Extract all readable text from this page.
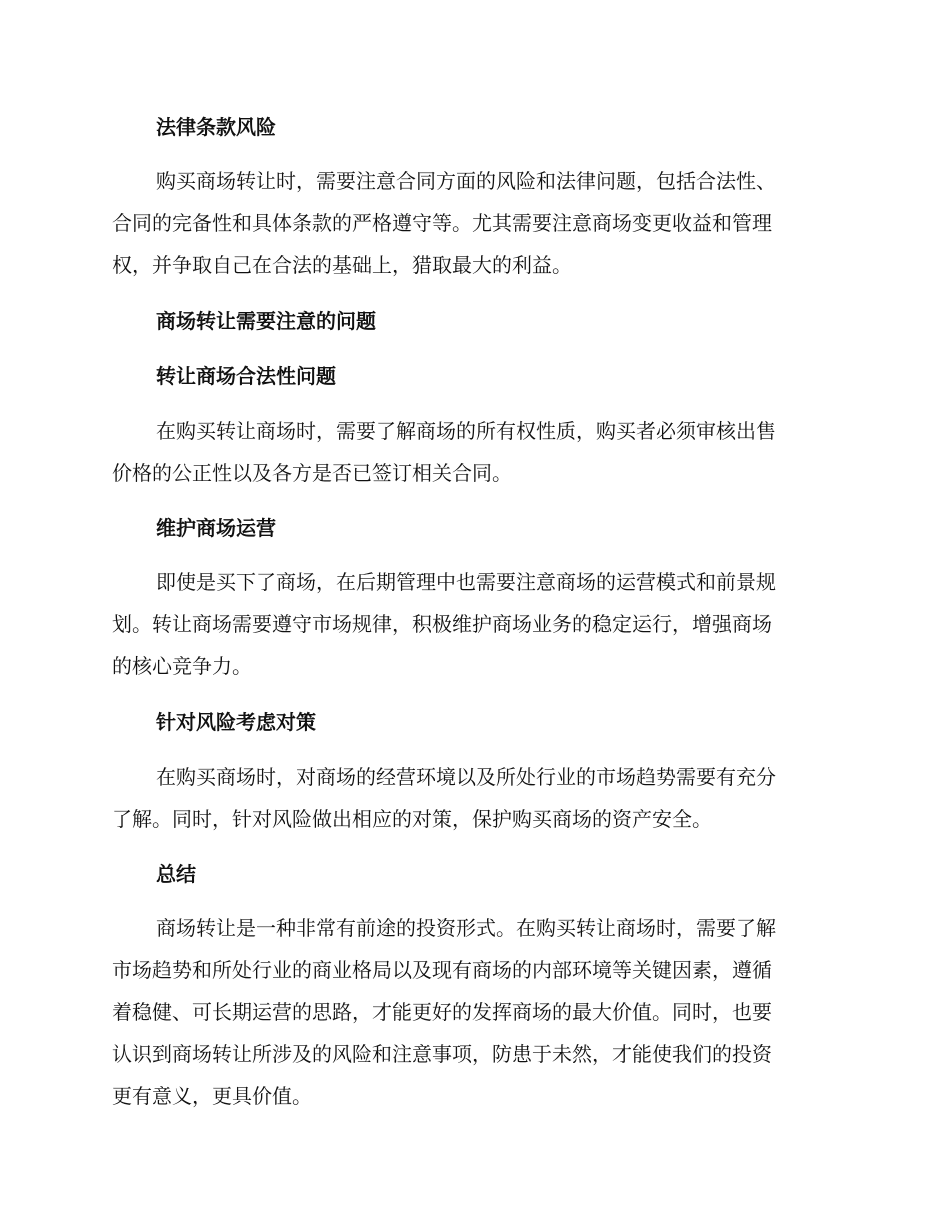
法律条款风险

购买商场转让时，需要注意合同方面的风险和法律问题，包括合法性、
合同的完备性和具体条款的严格遵守等。尤其需要注意商场变更收益和管理
权，并争取自己在合法的基础上，猎取最大的利益。

商场转让需要注意的问题
转让商场合法性问题

在购买转让商场时，需要了解商场的所有权性质，购买者必须审核出售
价格的公正性以及各方是否已签订相关合同。

维护商场运营

即使是买下了商场，在后期管理中也需要注意商场的运营模式和前景规
划。转让商场需要遵守市场规律，积极维护商场业务的稳定运行，增强商场
的核心竞争力。

针对风险考虑对策

在购买商场时，对商场的经营环境以及所处行业的市场趋势需要有充分
了解。同时，针对风险做出相应的对策，保护购买商场的资产安全。

总结

商场转让是一种非常有前途的投资形式。在购买转让商场时，需要了解
市场趋势和所处行业的商业格局以及现有商场的内部环境等关键因素，遵循
着稳健、可长期运营的思路，才能更好的发挥商场的最大价值。同时，也要
认识到商场转让所涉及的风险和注意事项，防患于未然，才能使我们的投资
更有意义，更具价值。
